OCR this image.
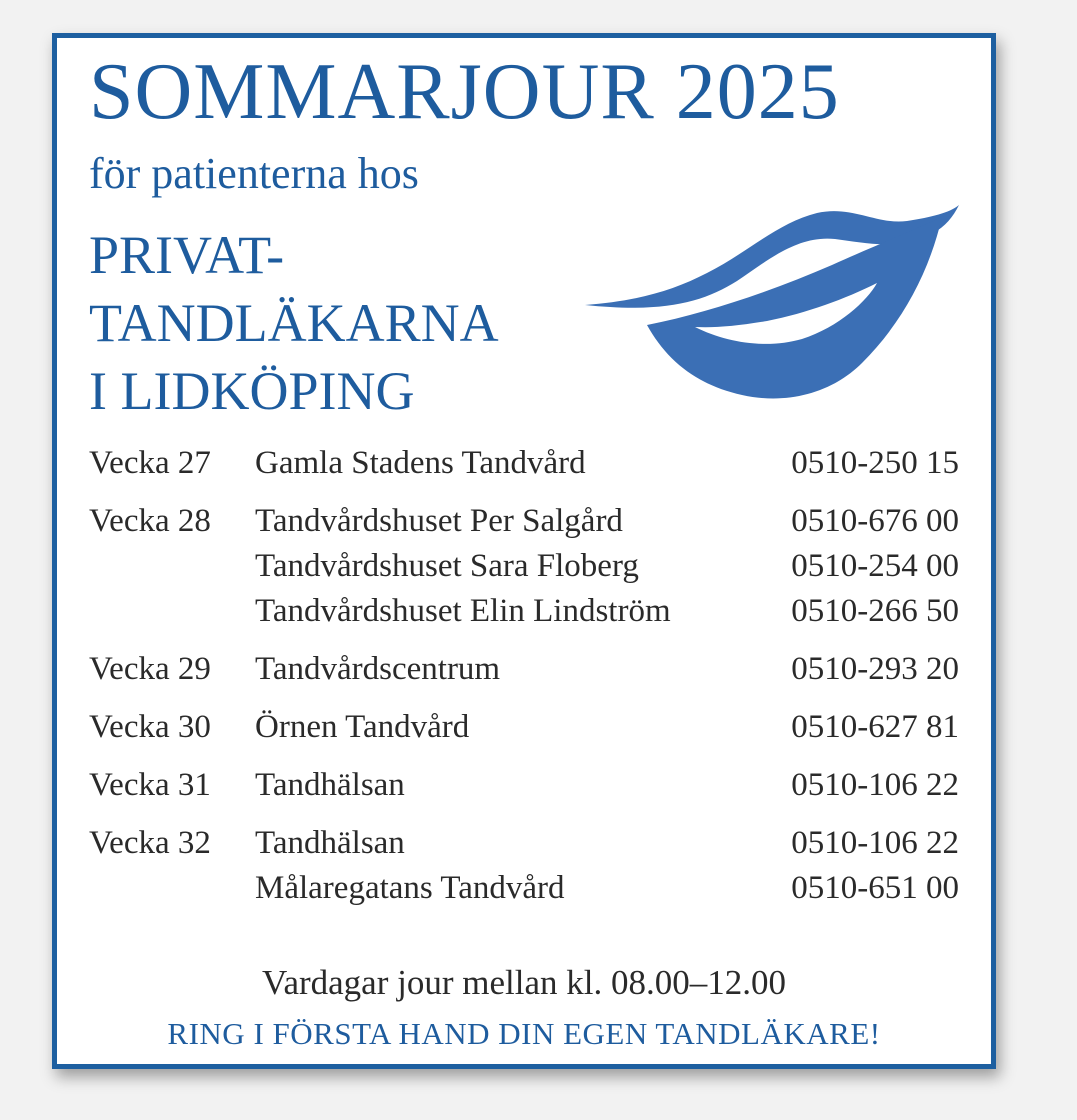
SOMMARJOUR 2025
för patienterna hos
PRIVAT-
TANDLÄKARNA
I LIDKÖPING
Vecka 27 Gamla Stadens Tandvård	0510-250 15
Vecka 28 Tandvårdshuset Per Salgård	0510-676 00
Tandvårdshuset Sara Floberg	0510-254 00
Tandvårdshuset Elin Lindström	0510-266 50
Vecka 29 Tandvårdscentrum	0510-293 20
Vecka 30 Örnen Tandvård	0510-627 81
Vecka 31 Tandhälsan	0510-106 22
Vecka 32 Tandhälsan	0510-106 22
Målaregatans Tandvård	0510-651 00
Vardagar jour mellan kl. 08.00–12.00
RING I FÖRSTA HAND DIN EGEN TANDLÄKARE!
